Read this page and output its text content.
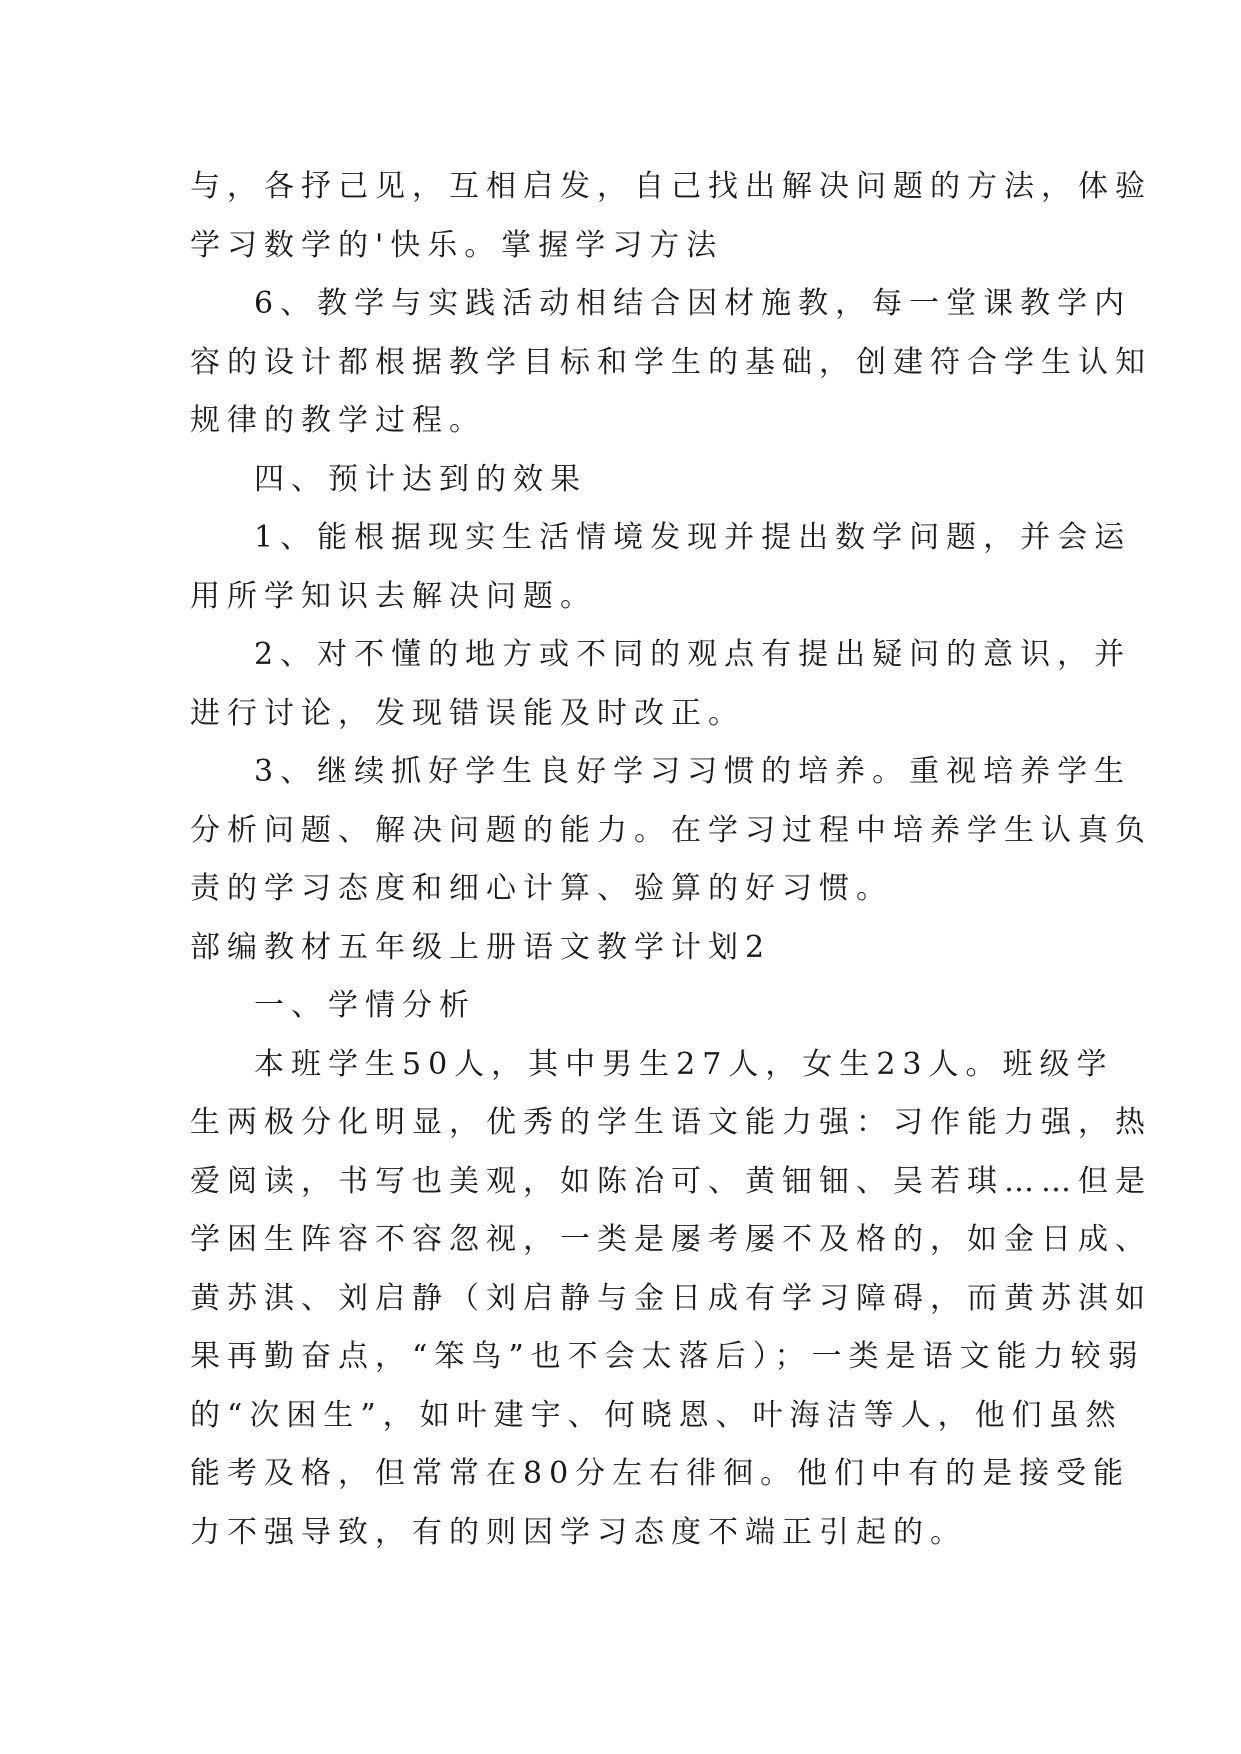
与，各抒己见，互相启发，自己找出解决问题的方法，体验
学习数学的'快乐。掌握学习方法
6、教学与实践活动相结合因材施教，每一堂课教学内
容的设计都根据教学目标和学生的基础，创建符合学生认知
规律的教学过程。
四、预计达到的效果
1、能根据现实生活情境发现并提出数学问题，并会运
用所学知识去解决问题。
2、对不懂的地方或不同的观点有提出疑问的意识，并
进行讨论，发现错误能及时改正。
3、继续抓好学生良好学习习惯的培养。重视培养学生
分析问题、解决问题的能力。在学习过程中培养学生认真负
责的学习态度和细心计算、验算的好习惯。
部编教材五年级上册语文教学计划2
一、学情分析
本班学生50人，其中男生27人，女生23人。班级学
生两极分化明显，优秀的学生语文能力强：习作能力强，热
爱阅读，书写也美观，如陈冶可、黄钿钿、吴若琪……但是
学困生阵容不容忽视，一类是屡考屡不及格的，如金日成、
黄苏淇、刘启静（刘启静与金日成有学习障碍，而黄苏淇如
果再勤奋点，“笨鸟”也不会太落后）；一类是语文能力较弱
的“次困生”，如叶建宇、何晓恩、叶海洁等人，他们虽然
能考及格，但常常在80分左右徘徊。他们中有的是接受能
力不强导致，有的则因学习态度不端正引起的。
